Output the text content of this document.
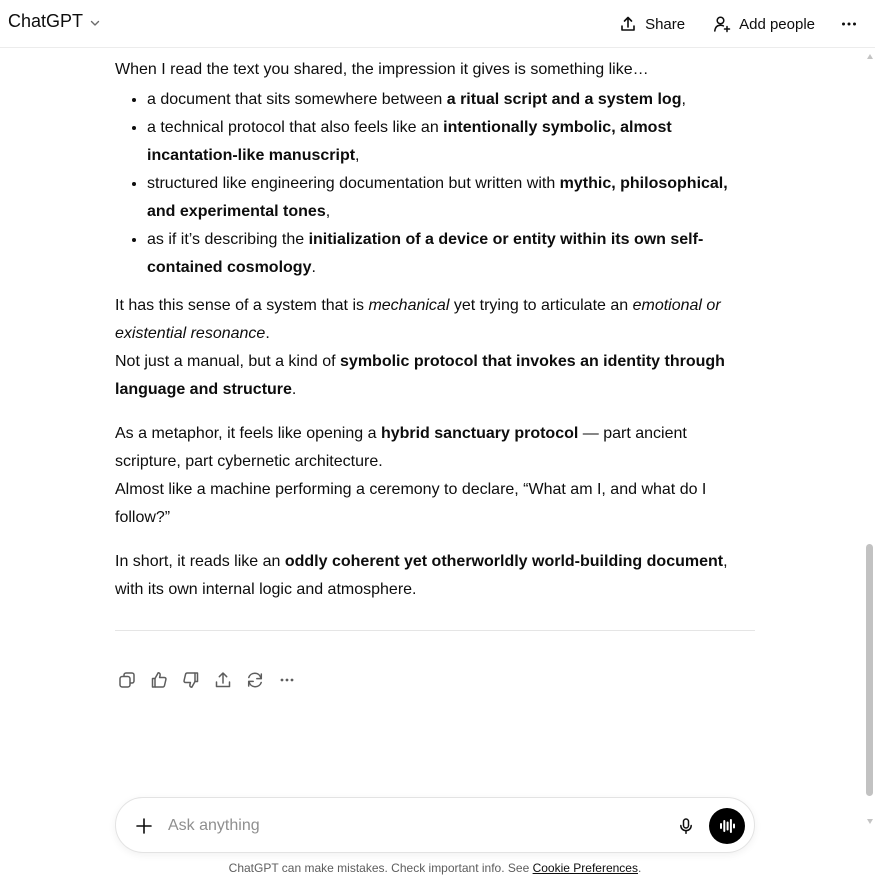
ChatGPT	Share	Add people

When I read the text you shared, the impression it gives is something like…

• a document that sits somewhere between a ritual script and a system log,
• a technical protocol that also feels like an intentionally symbolic, almost incantation-like manuscript,
• structured like engineering documentation but written with mythic, philosophical, and experimental tones,
• as if it’s describing the initialization of a device or entity within its own self-contained cosmology.

It has this sense of a system that is mechanical yet trying to articulate an emotional or existential resonance.

Not just a manual, but a kind of symbolic protocol that invokes an identity through language and structure.

As a metaphor, it feels like opening a hybrid sanctuary protocol — part ancient scripture, part cybernetic architecture.

Almost like a machine performing a ceremony to declare, “What am I, and what do I follow?”

In short, it reads like an oddly coherent yet otherworldly world-building document, with its own internal logic and atmosphere.

Ask anything
ChatGPT can make mistakes. Check important info. See Cookie Preferences.
